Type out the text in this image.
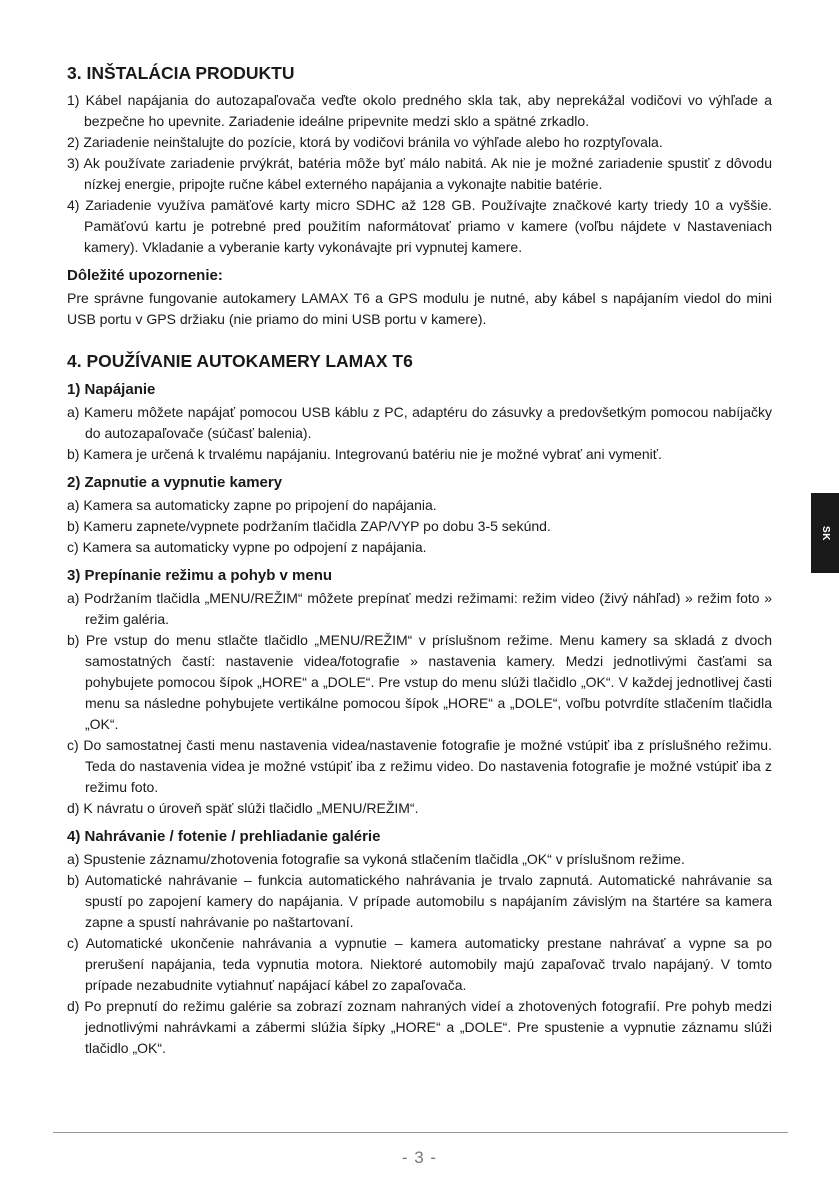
3. INŠTALÁCIA PRODUKTU

1) Kábel napájania do autozapaľovača veďte okolo predného skla tak, aby neprekážal vodičovi vo výhľade a bezpečne ho upevnite. Zariadenie ideálne pripevnite medzi sklo a spätné zrkadlo.

2) Zariadenie neinštalujte do pozície, ktorá by vodičovi bránila vo výhľade alebo ho rozptyľovala.

3) Ak používate zariadenie prvýkrát, batéria môže byť málo nabitá. Ak nie je možné zariadenie spustiť z dôvodu nízkej energie, pripojte ručne kábel externého napájania a vykonajte nabitie batérie.

4) Zariadenie využíva pamäťové karty micro SDHC až 128 GB. Používajte značkové karty triedy 10 a vyššie. Pamäťovú kartu je potrebné pred použitím naformátovať priamo v kamere (voľbu nájdete v Nastaveniach kamery). Vkladanie a vyberanie karty vykonávajte pri vypnutej kamere.

Dôležité upozornenie:

Pre správne fungovanie autokamery LAMAX T6 a GPS modulu je nutné, aby kábel s napájaním viedol do mini USB portu v GPS držiaku (nie priamo do mini USB portu v kamere).

4. POUŽÍVANIE AUTOKAMERY LAMAX T6
1) Napájanie

a) Kameru môžete napájať pomocou USB káblu z PC, adaptéru do zásuvky a predovšetkým pomocou nabíjačky do autozapaľovače (súčasť balenia).

b) Kamera je určená k trvalému napájaniu. Integrovanú batériu nie je možné vybrať ani vymeniť.

2) Zapnutie a vypnutie kamery

a) Kamera sa automaticky zapne po pripojení do napájania.

b) Kameru zapnete/vypnete podržaním tlačidla ZAP/VYP po dobu 3-5 sekúnd.

c) Kamera sa automaticky vypne po odpojení z napájania.

3) Prepínanie režimu a pohyb v menu

a) Podržaním tlačidla „MENU/REŽIM“ môžete prepínať medzi režimami: režim video (živý náhľad) » režim foto » režim galéria.

b) Pre vstup do menu stlačte tlačidlo „MENU/REŽIM“ v príslušnom režime. Menu kamery sa skladá z dvoch samostatných častí: nastavenie videa/fotografie » nastavenia kamery. Medzi jednotlivými časťami sa pohybujete pomocou šípok „HORE“ a „DOLE“. Pre vstup do menu slúži tlačidlo „OK“. V každej jednotlivej časti menu sa následne pohybujete vertikálne pomocou šípok „HORE“ a „DOLE“, voľbu potvrdíte stlačením tlačidla „OK“.

c) Do samostatnej časti menu nastavenia videa/nastavenie fotografie je možné vstúpiť iba z príslušného režimu. Teda do nastavenia videa je možné vstúpiť iba z režimu video. Do nastavenia fotografie je možné vstúpiť iba z režimu foto.

d) K návratu o úroveň späť slúži tlačidlo „MENU/REŽIM“.

4) Nahrávanie / fotenie / prehliadanie galérie

a) Spustenie záznamu/zhotovenia fotografie sa vykoná stlačením tlačidla „OK“ v príslušnom režime.

b) Automatické nahrávanie – funkcia automatického nahrávania je trvalo zapnutá. Automatické nahrávanie sa spustí po zapojení kamery do napájania. V prípade automobilu s napájaním závislým na štartére sa kamera zapne a spustí nahrávanie po naštartovaní.

c) Automatické ukončenie nahrávania a vypnutie – kamera automaticky prestane nahrávať a vypne sa po prerušení napájania, teda vypnutia motora. Niektoré automobily majú zapaľovač trvalo napájaný. V tomto prípade nezabudnite vytiahnuť napájací kábel zo zapaľovača.

d) Po prepnutí do režimu galérie sa zobrazí zoznam nahraných videí a zhotovených fotografií. Pre pohyb medzi jednotlivými nahrávkami a zábermi slúžia šípky „HORE“ a „DOLE“. Pre spustenie a vypnutie záznamu slúži tlačidlo „OK“.

SK
- 3 -
